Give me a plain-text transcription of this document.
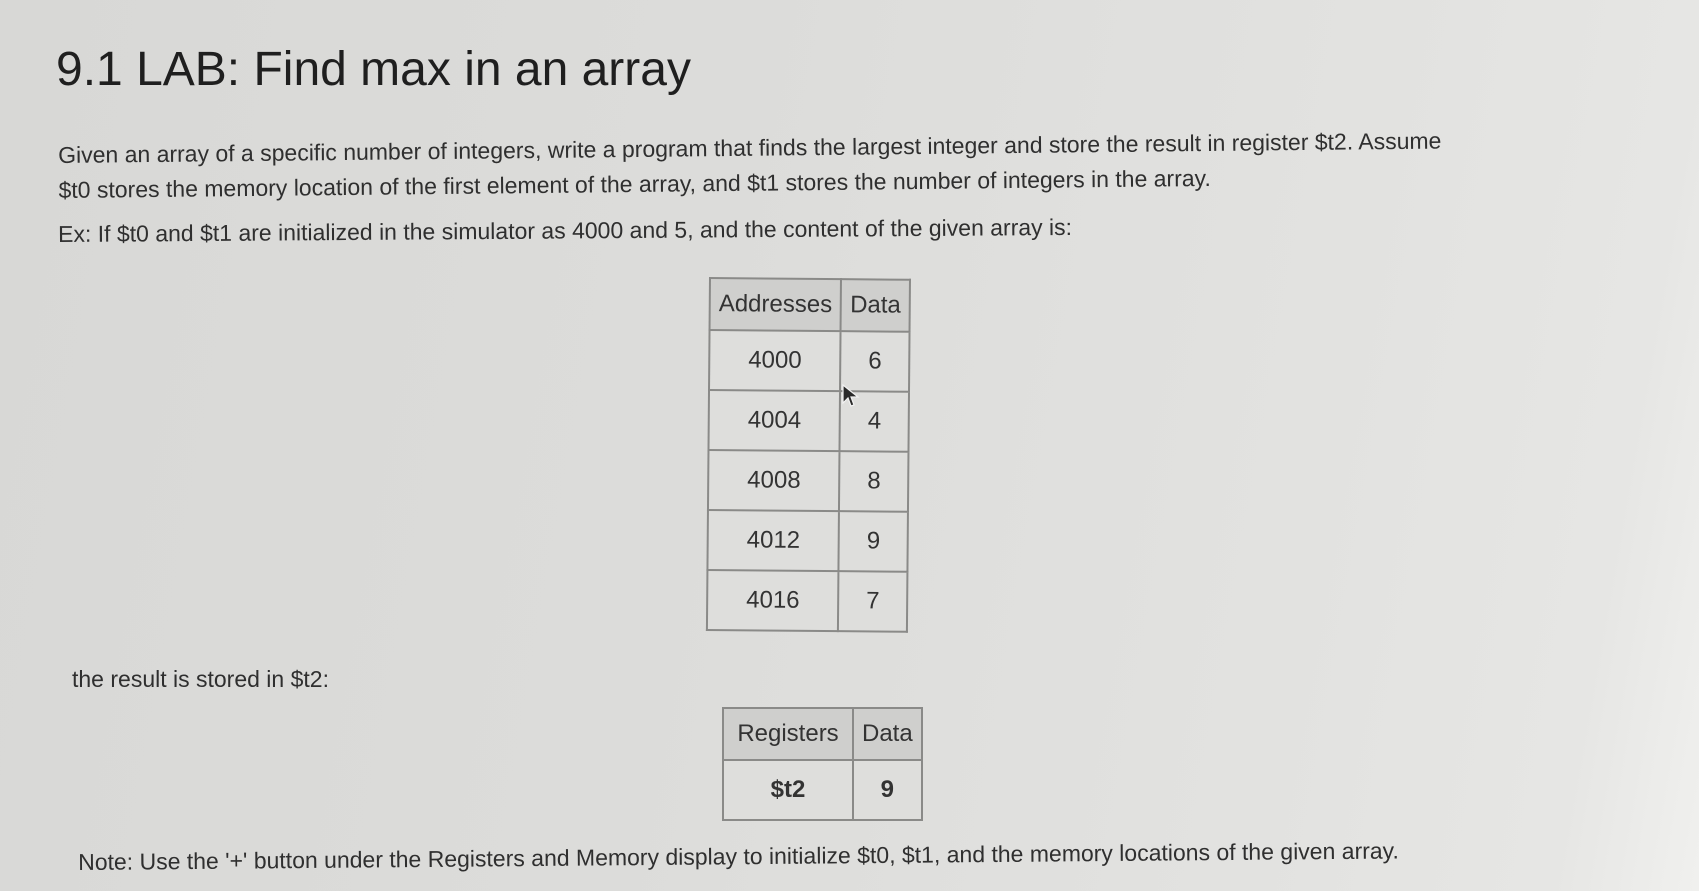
9.1 LAB: Find max in an array
Given an array of a specific number of integers, write a program that finds the largest integer and store the result in register $t2. Assume
$t0 stores the memory location of the first element of the array, and $t1 stores the number of integers in the array.
Ex: If $t0 and $t1 are initialized in the simulator as 4000 and 5, and the content of the given array is:
Addresses	Data
4000	6
4004	4
4008	8
4012	9
4016	7
the result is stored in $t2:
Registers	Data
$t2	9
Note: Use the '+' button under the Registers and Memory display to initialize $t0, $t1, and the memory locations of the given array.
